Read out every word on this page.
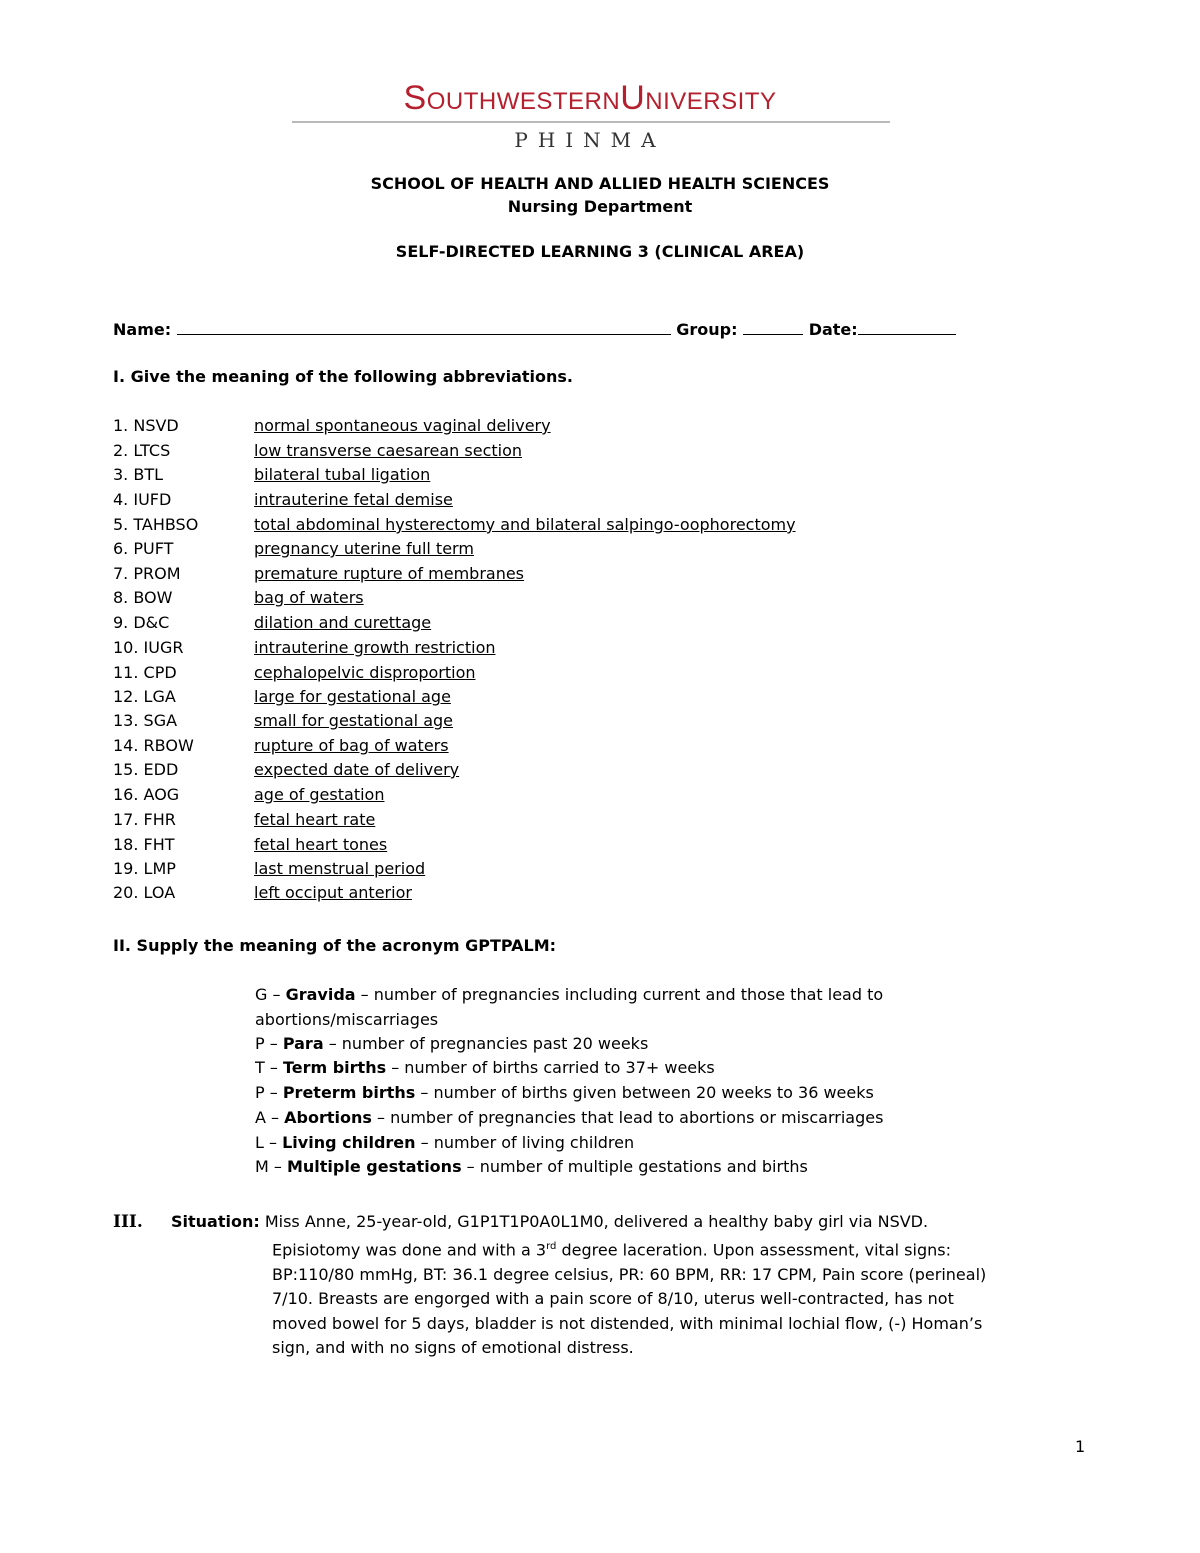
SouthwesternUniversity
PHINMA
SCHOOL OF HEALTH AND ALLIED HEALTH SCIENCES
Nursing Department
SELF-DIRECTED LEARNING 3 (CLINICAL AREA)
Name:	Group:	Date:
I. Give the meaning of the following abbreviations.
1. NSVD	normal spontaneous vaginal delivery
2. LTCS	low transverse caesarean section
3. BTL	bilateral tubal ligation
4. IUFD	intrauterine fetal demise
5. TAHBSO	total abdominal hysterectomy and bilateral salpingo-oophorectomy
6. PUFT	pregnancy uterine full term
7. PROM	premature rupture of membranes
8. BOW	bag of waters
9. D&C	dilation and curettage
10. IUGR	intrauterine growth restriction
11. CPD	cephalopelvic disproportion
12. LGA	large for gestational age
13. SGA	small for gestational age
14. RBOW	rupture of bag of waters
15. EDD	expected date of delivery
16. AOG	age of gestation
17. FHR	fetal heart rate
18. FHT	fetal heart tones
19. LMP	last menstrual period
20. LOA	left occiput anterior
II. Supply the meaning of the acronym GPTPALM:
G – Gravida – number of pregnancies including current and those that lead to
abortions/miscarriages
P – Para – number of pregnancies past 20 weeks
T – Term births – number of births carried to 37+ weeks
P – Preterm births – number of births given between 20 weeks to 36 weeks
A – Abortions – number of pregnancies that lead to abortions or miscarriages
L – Living children – number of living children
M – Multiple gestations – number of multiple gestations and births
III. Situation: Miss Anne, 25-year-old, G1P1T1P0A0L1M0, delivered a healthy baby girl via NSVD.
Episiotomy was done and with a 3rd degree laceration. Upon assessment, vital signs:
BP:110/80 mmHg, BT: 36.1 degree celsius, PR: 60 BPM, RR: 17 CPM, Pain score (perineal)
7/10. Breasts are engorged with a pain score of 8/10, uterus well-contracted, has not
moved bowel for 5 days, bladder is not distended, with minimal lochial flow, (-) Homan’s
sign, and with no signs of emotional distress.
1
